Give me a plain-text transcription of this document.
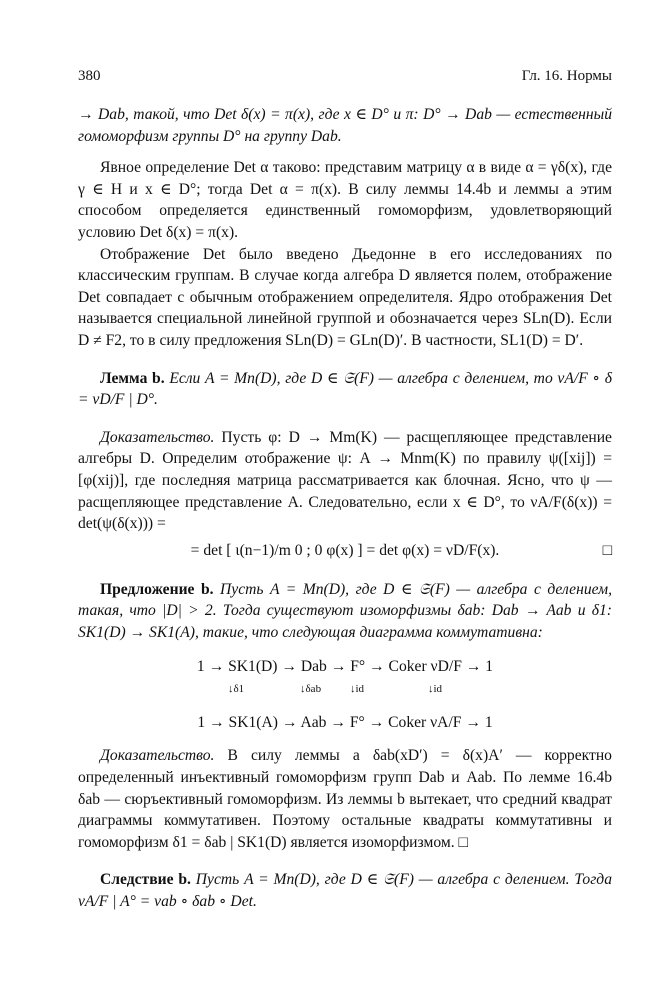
380	Гл. 16. Нормы

→ Dab, такой, что Det δ(x) = π(x), где x ∈ D° и π: D° → Dab — естественный гомоморфизм группы D° на группу Dab.

Явное определение Det α таково: представим матрицу α в виде α = γδ(x), где γ ∈ H и x ∈ D°; тогда Det α = π(x). В силу леммы 14.4b и леммы a этим способом определяется единственный гомоморфизм, удовлетворяющий условию Det δ(x) = π(x).

Отображение Det было введено Дьедонне в его исследованиях по классическим группам. В случае когда алгебра D является полем, отображение Det совпадает с обычным отображением определителя. Ядро отображения Det называется специальной линейной группой и обозначается через SLn(D). Если D ≠ F2, то в силу предложения SLn(D) = GLn(D)′. В частности, SL1(D) = D′.

Лемма b. Если A = Mn(D), где D ∈ 𝔖(F) — алгебра с делением, то νA/F ∘ δ = νD/F | D°.

Доказательство. Пусть φ: D → Mm(K) — расщепляющее представление алгебры D. Определим отображение ψ: A → Mnm(K) по правилу ψ([xij]) = [φ(xij)], где последняя матрица рассматривается как блочная. Ясно, что ψ — расщепляющее представление A. Следовательно, если x ∈ D°, то νA/F(δ(x)) = det(ψ(δ(x))) =

= det [ ι(n−1)/m 0 ; 0 φ(x) ] = det φ(x) = νD/F(x).	□

Предложение b. Пусть A = Mn(D), где D ∈ 𝔖(F) — алгебра с делением, такая, что |D| > 2. Тогда существуют изоморфизмы δab: Dab → Aab и δ1: SK1(D) → SK1(A), такие, что следующая диаграмма коммутативна:

1 → SK1(D) → Dab → F° → Coker νD/F → 1
↓δ1	↓δab	↓id	↓id
1 → SK1(A) → Aab → F° → Coker νA/F → 1

Доказательство. В силу леммы a δab(xD′) = δ(x)A′ — корректно определенный инъективный гомоморфизм групп Dab и Aab. По лемме 16.4b δab — сюръективный гомоморфизм. Из леммы b вытекает, что средний квадрат диаграммы коммутативен. Поэтому остальные квадраты коммутативны и гомоморфизм δ1 = δab | SK1(D) является изоморфизмом. □

Следствие b. Пусть A = Mn(D), где D ∈ 𝔖(F) — алгебра с делением. Тогда νA/F | A° = νab ∘ δab ∘ Det.
